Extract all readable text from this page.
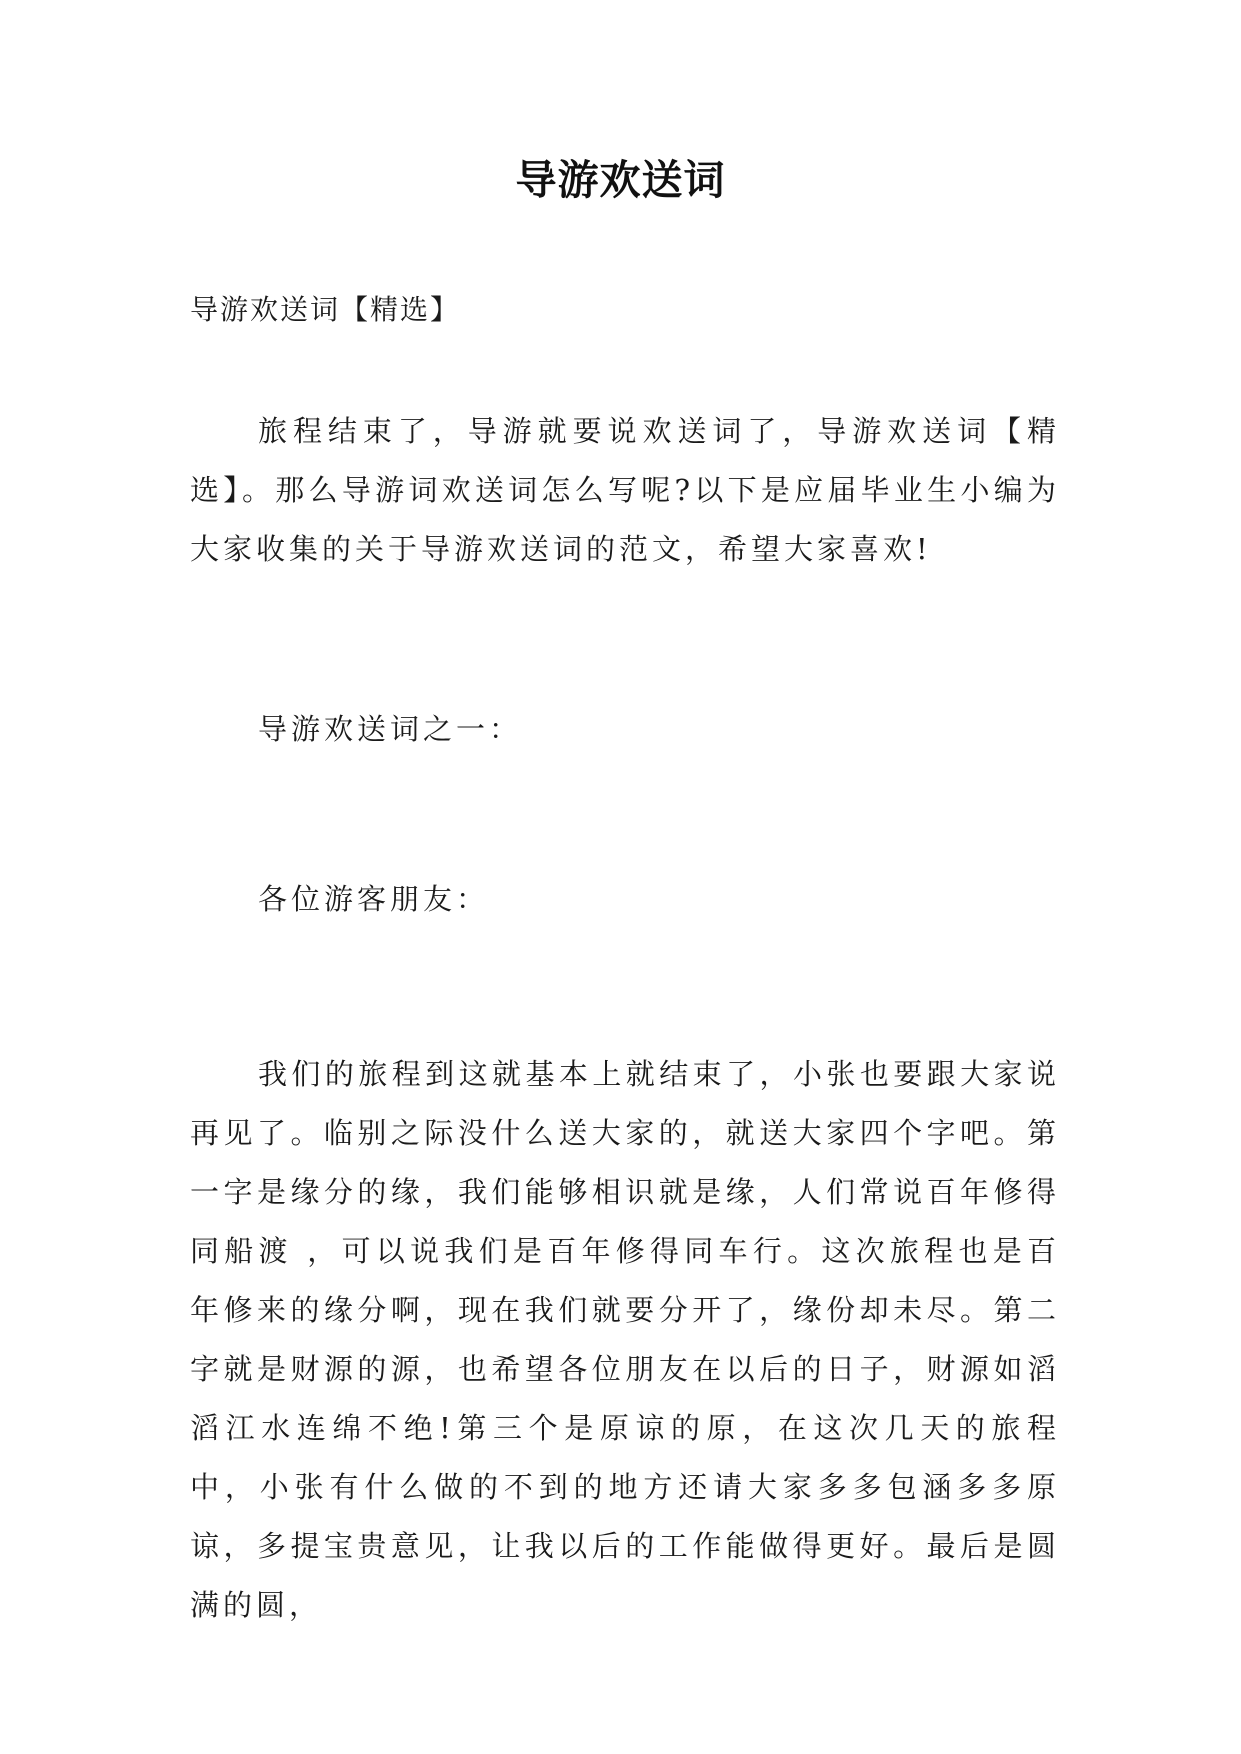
导游欢送词
导游欢送词【精选】

旅程结束了，导游就要说欢送词了，导游欢送词【精选】。那么导游词欢送词怎么写呢?以下是应届毕业生小编为大家收集的关于导游欢送词的范文，希望大家喜欢!

导游欢送词之一：

各位游客朋友：

我们的旅程到这就基本上就结束了，小张也要跟大家说再见了。临别之际没什么送大家的，就送大家四个字吧。第一字是缘分的缘，我们能够相识就是缘，人们常说百年修得同船渡 ，可以说我们是百年修得同车行。这次旅程也是百年修来的缘分啊，现在我们就要分开了，缘份却未尽。第二字就是财源的源，也希望各位朋友在以后的日子，财源如滔滔江水连绵不绝!第三个是原谅的原，在这次几天的旅程中，小张有什么做的不到的地方还请大家多多包涵多多原谅，多提宝贵意见，让我以后的工作能做得更好。最后是圆满的圆，
